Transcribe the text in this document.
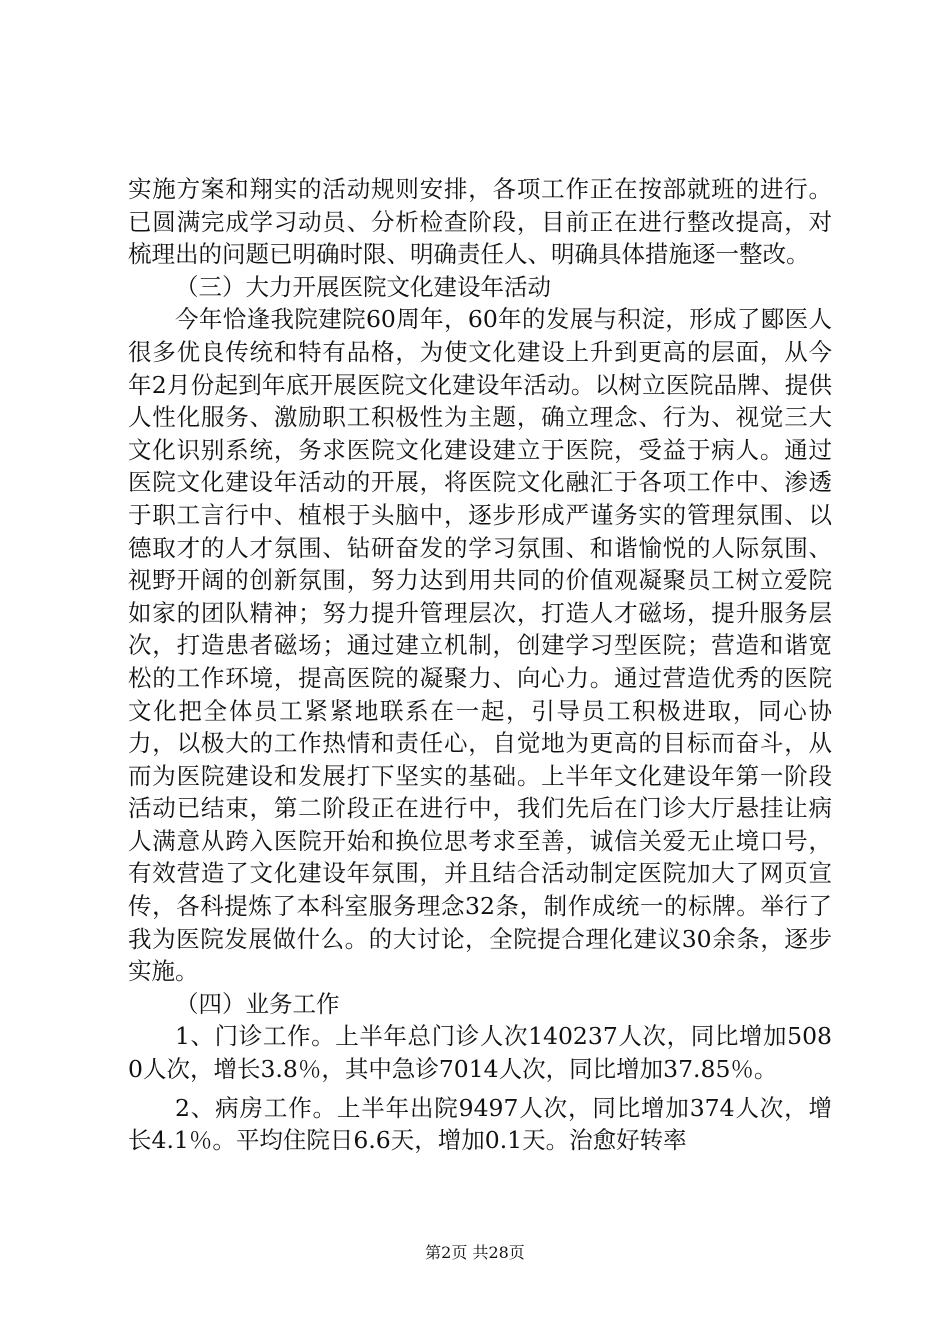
实施方案和翔实的活动规则安排，各项工作正在按部就班的进行。已圆满完成学习动员、分析检查阶段，目前正在进行整改提高，对梳理出的问题已明确时限、明确责任人、明确具体措施逐一整改。

（三）大力开展医院文化建设年活动

今年恰逢我院建院60周年，60年的发展与积淀，形成了郾医人很多优良传统和特有品格，为使文化建设上升到更高的层面，从今年2月份起到年底开展医院文化建设年活动。以树立医院品牌、提供人性化服务、激励职工积极性为主题，确立理念、行为、视觉三大文化识别系统，务求医院文化建设建立于医院，受益于病人。通过医院文化建设年活动的开展，将医院文化融汇于各项工作中、渗透于职工言行中、植根于头脑中，逐步形成严谨务实的管理氛围、以德取才的人才氛围、钻研奋发的学习氛围、和谐愉悦的人际氛围、视野开阔的创新氛围，努力达到用共同的价值观凝聚员工树立爱院如家的团队精神；努力提升管理层次，打造人才磁场，提升服务层次，打造患者磁场；通过建立机制，创建学习型医院；营造和谐宽松的工作环境，提高医院的凝聚力、向心力。通过营造优秀的医院文化把全体员工紧紧地联系在一起，引导员工积极进取，同心协力，以极大的工作热情和责任心，自觉地为更高的目标而奋斗，从而为医院建设和发展打下坚实的基础。上半年文化建设年第一阶段活动已结束，第二阶段正在进行中，我们先后在门诊大厅悬挂让病人满意从跨入医院开始和换位思考求至善，诚信关爱无止境口号，有效营造了文化建设年氛围，并且结合活动制定医院加大了网页宣传，各科提炼了本科室服务理念32条，制作成统一的标牌。举行了我为医院发展做什么。的大讨论，全院提合理化建议30余条，逐步实施。

（四）业务工作

1、门诊工作。上半年总门诊人次140237人次，同比增加5080人次，增长3.8％，其中急诊7014人次，同比增加37.85％。

2、病房工作。上半年出院9497人次，同比增加374人次，增长4.1％。平均住院日6.6天，增加0.1天。治愈好转率

第2页 共28页
